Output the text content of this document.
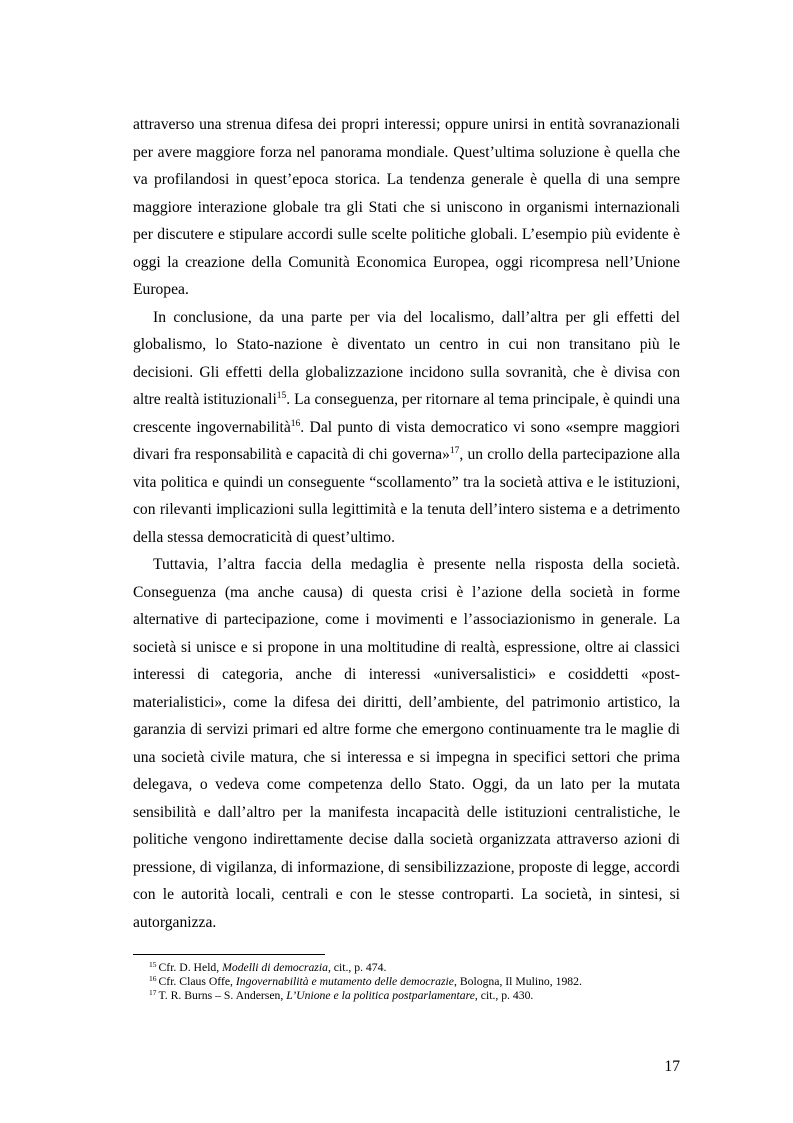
attraverso una strenua difesa dei propri interessi; oppure unirsi in entità sovranazionali per avere maggiore forza nel panorama mondiale. Quest’ultima soluzione è quella che va profilandosi in quest’epoca storica. La tendenza generale è quella di una sempre maggiore interazione globale tra gli Stati che si uniscono in organismi internazionali per discutere e stipulare accordi sulle scelte politiche globali. L’esempio più evidente è oggi la creazione della Comunità Economica Europea, oggi ricompresa nell’Unione Europea.

In conclusione, da una parte per via del localismo, dall’altra per gli effetti del globalismo, lo Stato-nazione è diventato un centro in cui non transitano più le decisioni. Gli effetti della globalizzazione incidono sulla sovranità, che è divisa con altre realtà istituzionali$^{15}$. La conseguenza, per ritornare al tema principale, è quindi una crescente ingovernabilità$^{16}$. Dal punto di vista democratico vi sono «sempre maggiori divari fra responsabilità e capacità di chi governa»$^{17}$, un crollo della partecipazione alla vita politica e quindi un conseguente “scollamento” tra la società attiva e le istituzioni, con rilevanti implicazioni sulla legittimità e la tenuta dell’intero sistema e a detrimento della stessa democraticità di quest’ultimo.

Tuttavia, l’altra faccia della medaglia è presente nella risposta della società. Conseguenza (ma anche causa) di questa crisi è l’azione della società in forme alternative di partecipazione, come i movimenti e l’associazionismo in generale. La società si unisce e si propone in una moltitudine di realtà, espressione, oltre ai classici interessi di categoria, anche di interessi «universalistici» e cosiddetti «post-materialistici», come la difesa dei diritti, dell’ambiente, del patrimonio artistico, la garanzia di servizi primari ed altre forme che emergono continuamente tra le maglie di una società civile matura, che si interessa e si impegna in specifici settori che prima delegava, o vedeva come competenza dello Stato. Oggi, da un lato per la mutata sensibilità e dall’altro per la manifesta incapacità delle istituzioni centralistiche, le politiche vengono indirettamente decise dalla società organizzata attraverso azioni di pressione, di vigilanza, di informazione, di sensibilizzazione, proposte di legge, accordi con le autorità locali, centrali e con le stesse controparti. La società, in sintesi, si autorganizza.

$^{15}$ Cfr. D. Held, Modelli di democrazia, cit., p. 474.

$^{16}$ Cfr. Claus Offe, Ingovernabilità e mutamento delle democrazie, Bologna, Il Mulino, 1982.

$^{17}$ T. R. Burns – S. Andersen, L’Unione e la politica postparlamentare, cit., p. 430.

17
